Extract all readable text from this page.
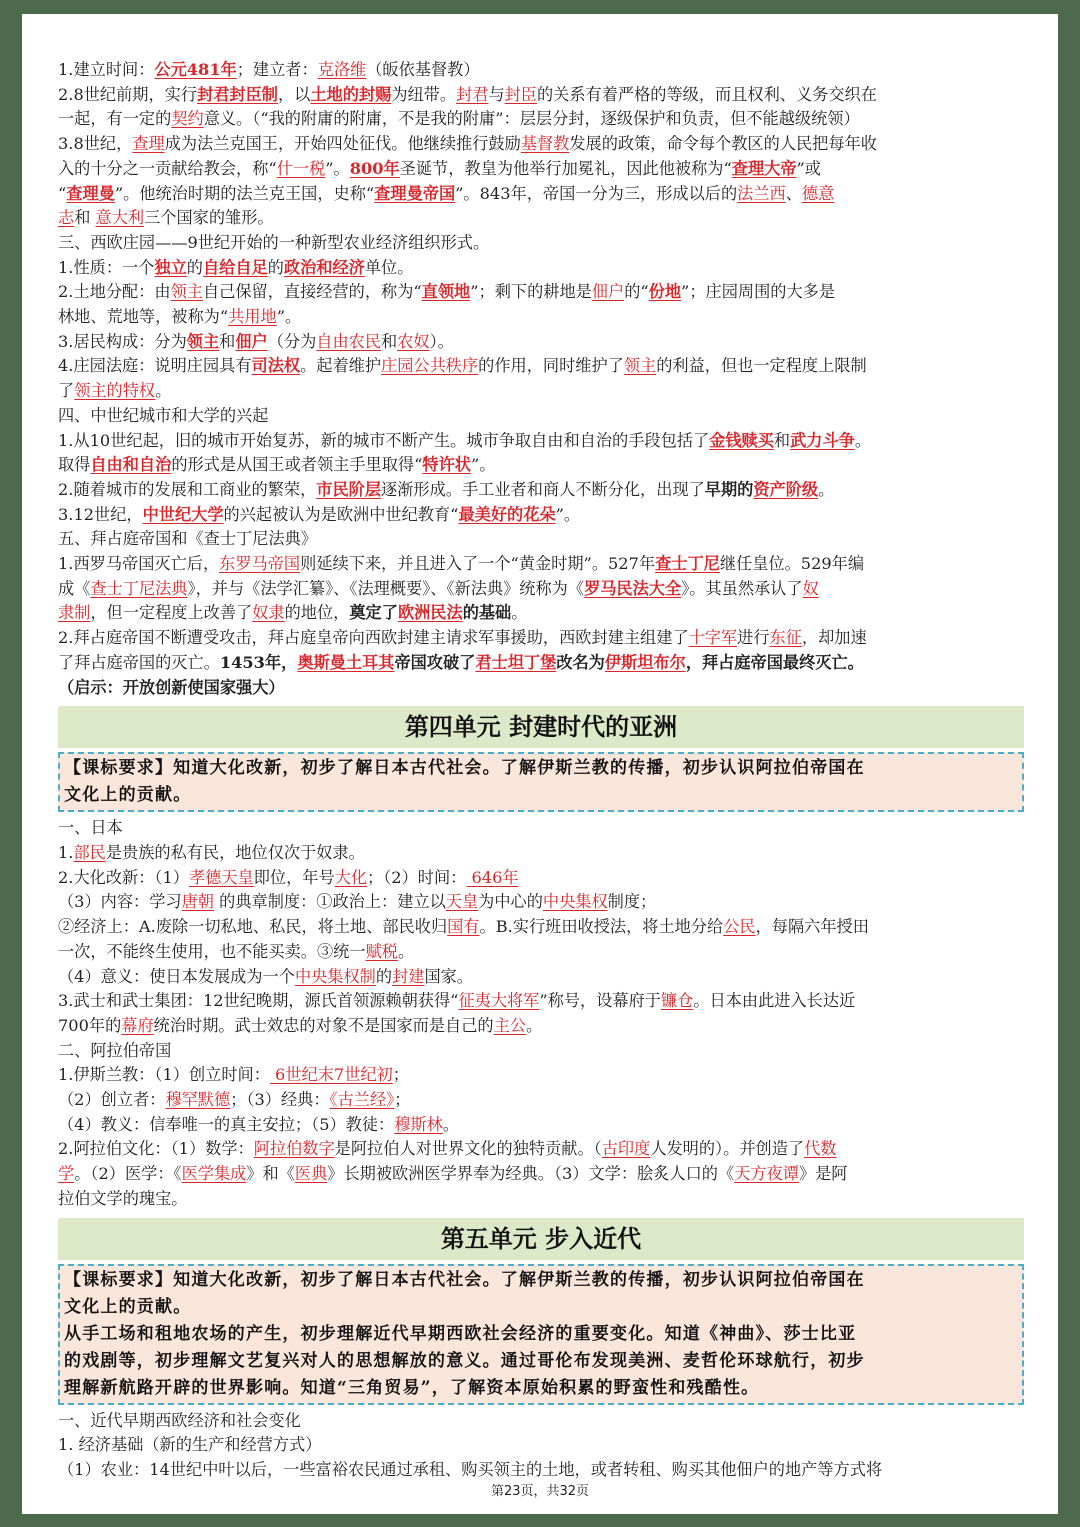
1.建立时间：公元481年；建立者：克洛维（皈依基督教）

2.8世纪前期，实行封君封臣制，以土地的封赐为纽带。封君与封臣的关系有着严格的等级，而且权利、义务交织在

一起，有一定的契约意义。（“我的附庸的附庸，不是我的附庸”：层层分封，逐级保护和负责，但不能越级统领）

3.8世纪，查理成为法兰克国王，开始四处征伐。他继续推行鼓励基督教发展的政策，命令每个教区的人民把每年收

入的十分之一贡献给教会，称“什一税”。800年圣诞节，教皇为他举行加冕礼，因此他被称为“查理大帝”或

“查理曼”。他统治时期的法兰克王国，史称“查理曼帝国”。843年，帝国一分为三，形成以后的法兰西、德意

志和 意大利三个国家的雏形。

三、西欧庄园——9世纪开始的一种新型农业经济组织形式。

1.性质：一个独立的自给自足的政治和经济单位。

2.土地分配：由领主自己保留，直接经营的，称为“直领地”；剩下的耕地是佃户的“份地”；庄园周围的大多是

林地、荒地等，被称为“共用地”。

3.居民构成：分为领主和佃户（分为自由农民和农奴）。

4.庄园法庭：说明庄园具有司法权。起着维护庄园公共秩序的作用，同时维护了领主的利益，但也一定程度上限制

了领主的特权。

四、中世纪城市和大学的兴起

1.从10世纪起，旧的城市开始复苏，新的城市不断产生。城市争取自由和自治的手段包括了金钱赎买和武力斗争。

取得自由和自治的形式是从国王或者领主手里取得“特许状”。

2.随着城市的发展和工商业的繁荣，市民阶层逐渐形成。手工业者和商人不断分化，出现了早期的资产阶级。

3.12世纪，中世纪大学的兴起被认为是欧洲中世纪教育“最美好的花朵”。

五、拜占庭帝国和《查士丁尼法典》

1.西罗马帝国灭亡后，东罗马帝国则延续下来，并且进入了一个“黄金时期”。527年查士丁尼继任皇位。529年编

成《查士丁尼法典》，并与《法学汇纂》、《法理概要》、《新法典》统称为《罗马民法大全》。其虽然承认了奴

隶制，但一定程度上改善了奴隶的地位，奠定了欧洲民法的基础。

2.拜占庭帝国不断遭受攻击，拜占庭皇帝向西欧封建主请求军事援助，西欧封建主组建了十字军进行东征，却加速

了拜占庭帝国的灭亡。1453年，奥斯曼土耳其帝国攻破了君士坦丁堡改名为伊斯坦布尔，拜占庭帝国最终灭亡。

（启示：开放创新使国家强大）

第四单元 封建时代的亚洲

【课标要求】知道大化改新，初步了解日本古代社会。了解伊斯兰教的传播，初步认识阿拉伯帝国在

文化上的贡献。

一、日本

1.部民是贵族的私有民，地位仅次于奴隶。

2.大化改新：（1）孝德天皇即位，年号大化；（2）时间： 646年

（3）内容：学习唐朝 的典章制度：①政治上：建立以天皇为中心的中央集权制度；

②经济上：A.废除一切私地、私民，将土地、部民收归国有。B.实行班田收授法，将土地分给公民，每隔六年授田

一次，不能终生使用，也不能买卖。③统一赋税。

（4）意义：使日本发展成为一个中央集权制的封建国家。

3.武士和武士集团：12世纪晚期，源氏首领源赖朝获得“征夷大将军”称号，设幕府于镰仓。日本由此进入长达近

700年的幕府统治时期。武士效忠的对象不是国家而是自己的主公。

二、阿拉伯帝国

1.伊斯兰教：（1）创立时间： 6世纪末7世纪初；

（2）创立者：穆罕默德；（3）经典：《古兰经》；

（4）教义：信奉唯一的真主安拉；（5）教徒：穆斯林。

2.阿拉伯文化：（1）数学：阿拉伯数字是阿拉伯人对世界文化的独特贡献。（古印度人发明的）。并创造了代数

学。（2）医学：《医学集成》和《医典》长期被欧洲医学界奉为经典。（3）文学：脍炙人口的《天方夜谭》是阿

拉伯文学的瑰宝。

第五单元 步入近代

【课标要求】知道大化改新，初步了解日本古代社会。了解伊斯兰教的传播，初步认识阿拉伯帝国在

文化上的贡献。

从手工场和租地农场的产生，初步理解近代早期西欧社会经济的重要变化。知道《神曲》、莎士比亚

的戏剧等，初步理解文艺复兴对人的思想解放的意义。通过哥伦布发现美洲、麦哲伦环球航行，初步

理解新航路开辟的世界影响。知道“三角贸易”，了解资本原始积累的野蛮性和残酷性。

一、近代早期西欧经济和社会变化

1. 经济基础（新的生产和经营方式）

（1）农业：14世纪中叶以后，一些富裕农民通过承租、购买领主的土地，或者转租、购买其他佃户的地产等方式将

第23页，共32页
